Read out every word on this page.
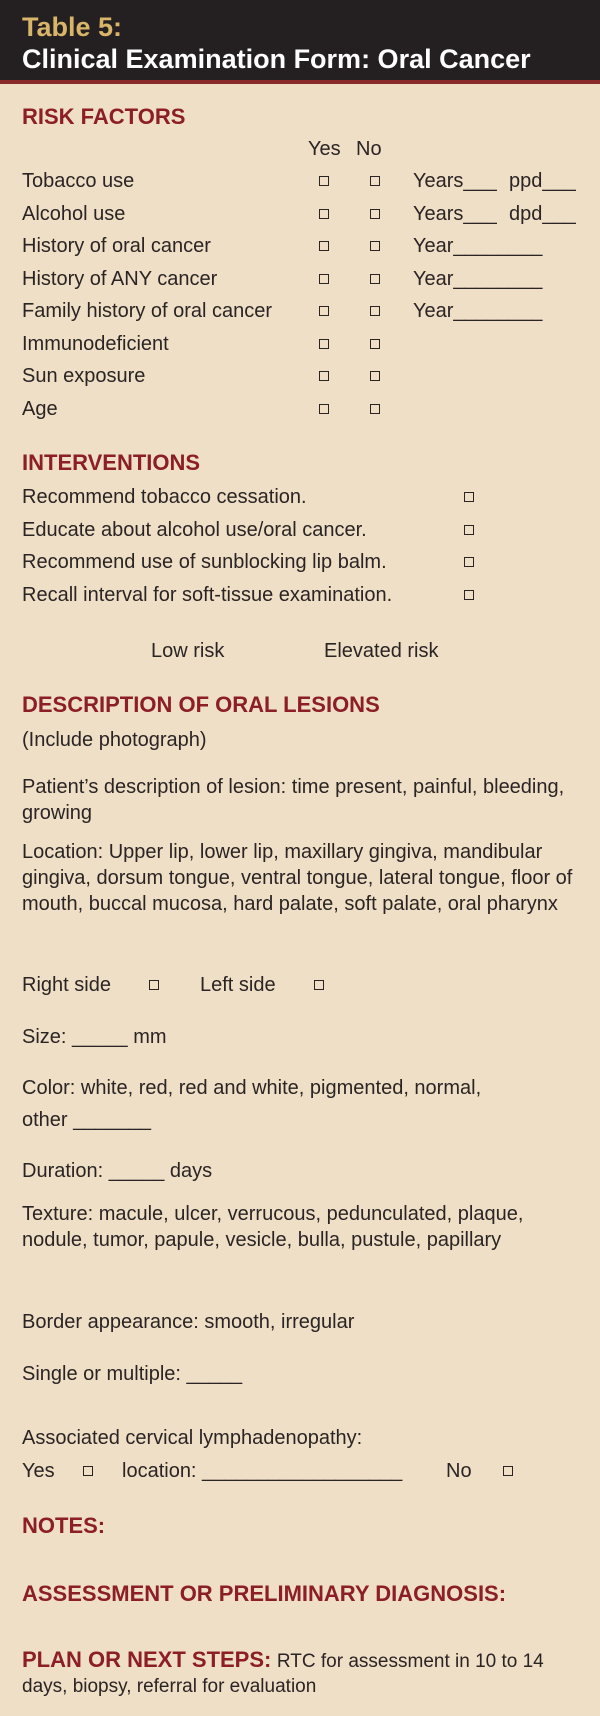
Table 5:
Clinical Examination Form: Oral Cancer
RISK FACTORS
Yes No
Tobacco use	Years___ ppd___
Alcohol use	Years___ dpd___
History of oral cancer	Year________
History of ANY cancer	Year________
Family history of oral cancer	Year________
Immunodeficient
Sun exposure
Age
INTERVENTIONS
Recommend tobacco cessation.
Educate about alcohol use/oral cancer.
Recommend use of sunblocking lip balm.
Recall interval for soft-tissue examination.
Low risk	Elevated risk
DESCRIPTION OF ORAL LESIONS
(Include photograph)
Patient’s description of lesion: time present, painful, bleeding, growing
Location: Upper lip, lower lip, maxillary gingiva, mandibular gingiva, dorsum tongue, ventral tongue, lateral tongue, floor of mouth, buccal mucosa, hard palate, soft palate, oral pharynx
Right side	Left side
Size: _____ mm
Color: white, red, red and white, pigmented, normal,
other _______
Duration: _____ days
Texture: macule, ulcer, verrucous, pedunculated, plaque, nodule, tumor, papule, vesicle, bulla, pustule, papillary
Border appearance: smooth, irregular
Single or multiple: _____
Associated cervical lymphadenopathy:
Yes	location: __________________ No
NOTES:
ASSESSMENT OR PRELIMINARY DIAGNOSIS:
PLAN OR NEXT STEPS: RTC for assessment in 10 to 14 days, biopsy, referral for evaluation
